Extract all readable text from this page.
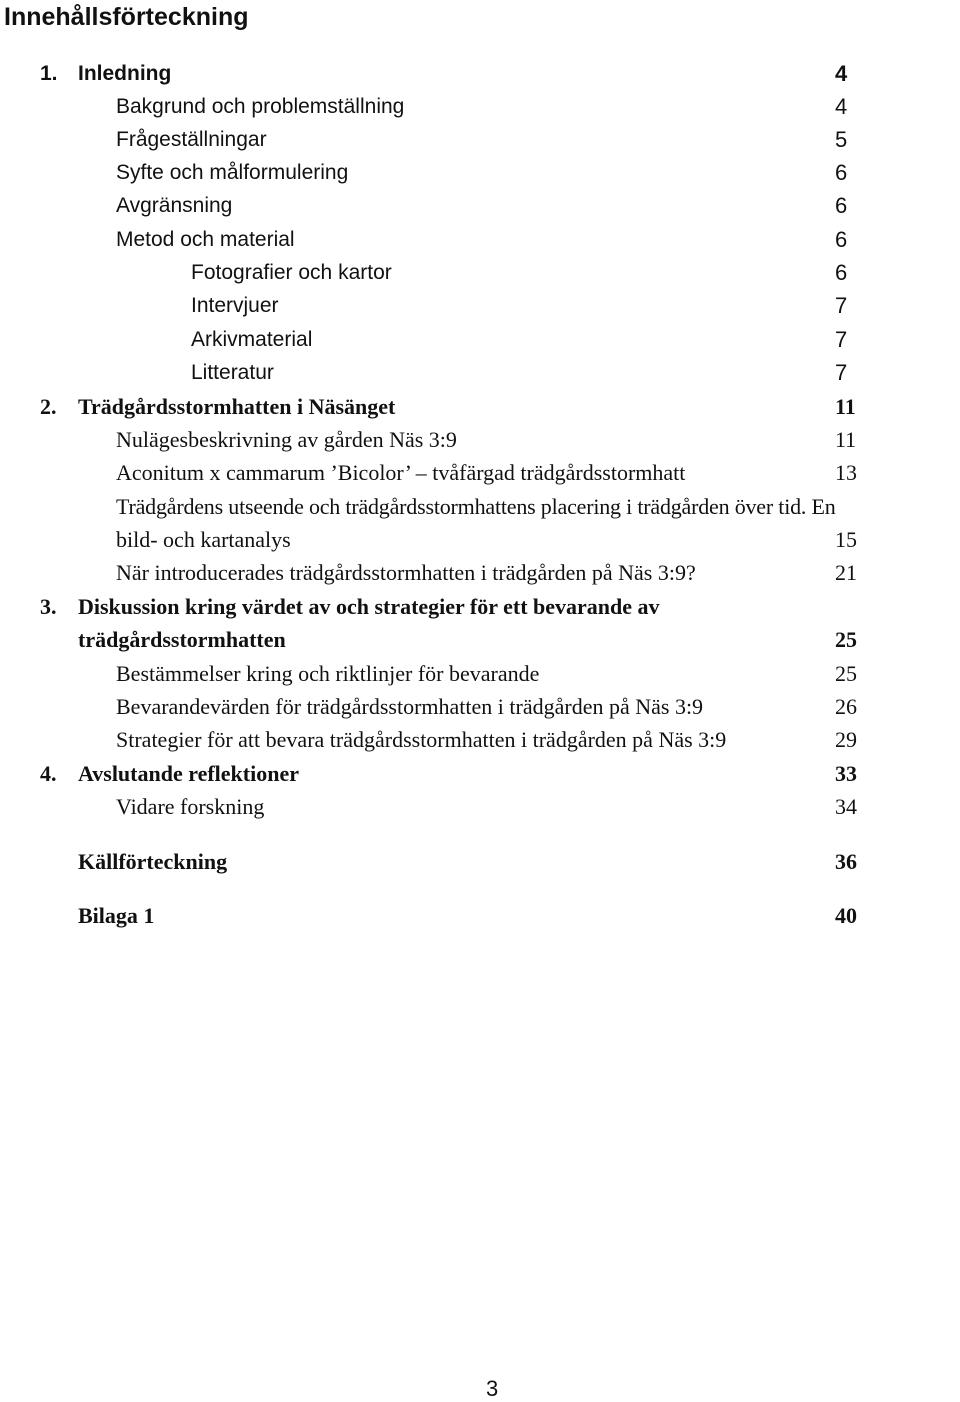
Innehållsförteckning
1. Inledning	4
Bakgrund och problemställning	4
Frågeställningar	5
Syfte och målformulering	6
Avgränsning	6
Metod och material	6
Fotografier och kartor	6
Intervjuer	7
Arkivmaterial	7
Litteratur	7
2. Trädgårdsstormhatten i Näsänget	11
Nulägesbeskrivning av gården Näs 3:9	11
Aconitum x cammarum ’Bicolor’ – tvåfärgad trädgårdsstormhatt	13
Trädgårdens utseende och trädgårdsstormhattens placering i trädgården över tid. En
bild- och kartanalys	15
När introducerades trädgårdsstormhatten i trädgården på Näs 3:9?	21
3. Diskussion kring värdet av och strategier för ett bevarande av
trädgårdsstormhatten	25
Bestämmelser kring och riktlinjer för bevarande	25
Bevarandevärden för trädgårdsstormhatten i trädgården på Näs 3:9	26
Strategier för att bevara trädgårdsstormhatten i trädgården på Näs 3:9	29
4. Avslutande reflektioner	33
Vidare forskning	34
Källförteckning	36
Bilaga 1	40
3
